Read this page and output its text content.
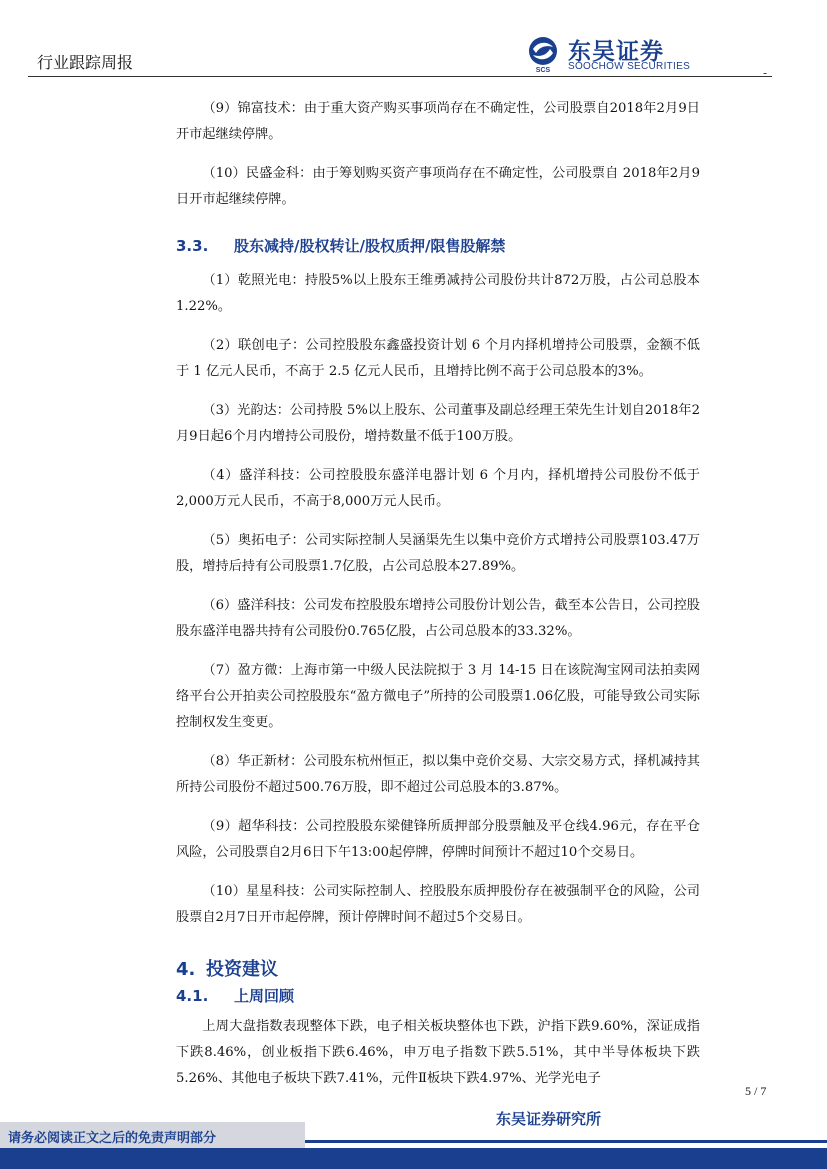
行业跟踪周报	SCS
东吴证券
SOOCHOW SECURITIES	-

（9）锦富技术：由于重大资产购买事项尚存在不确定性，公司股票自2018年2月9日开市起继续停牌。

（10）民盛金科：由于筹划购买资产事项尚存在不确定性，公司股票自 2018年2月9日开市起继续停牌。

3.3. 股东减持/股权转让/股权质押/限售股解禁

（1）乾照光电：持股5%以上股东王维勇减持公司股份共计872万股，占公司总股本1.22%。

（2）联创电子：公司控股股东鑫盛投资计划 6 个月内择机增持公司股票，金额不低于 1 亿元人民币，不高于 2.5 亿元人民币，且增持比例不高于公司总股本的3%。

（3）光韵达：公司持股 5%以上股东、公司董事及副总经理王荣先生计划自2018年2月9日起6个月内增持公司股份，增持数量不低于100万股。

（4）盛洋科技：公司控股股东盛洋电器计划 6 个月内，择机增持公司股份不低于2,000万元人民币，不高于8,000万元人民币。

（5）奥拓电子：公司实际控制人吴涵渠先生以集中竞价方式增持公司股票103.47万股，增持后持有公司股票1.7亿股，占公司总股本27.89%。

（6）盛洋科技：公司发布控股股东增持公司股份计划公告，截至本公告日，公司控股股东盛洋电器共持有公司股份0.765亿股，占公司总股本的33.32%。

（7）盈方微：上海市第一中级人民法院拟于 3 月 14-15 日在该院淘宝网司法拍卖网络平台公开拍卖公司控股股东“盈方微电子”所持的公司股票1.06亿股，可能导致公司实际控制权发生变更。

（8）华正新材：公司股东杭州恒正，拟以集中竞价交易、大宗交易方式，择机减持其所持公司股份不超过500.76万股，即不超过公司总股本的3.87%。

（9）超华科技：公司控股股东梁健锋所质押部分股票触及平仓线4.96元，存在平仓风险，公司股票自2月6日下午13:00起停牌，停牌时间预计不超过10个交易日。

（10）星星科技：公司实际控制人、控股股东质押股份存在被强制平仓的风险，公司股票自2月7日开市起停牌，预计停牌时间不超过5个交易日。

4. 投资建议
4.1. 上周回顾

上周大盘指数表现整体下跌，电子相关板块整体也下跌，沪指下跌9.60%，深证成指下跌8.46%，创业板指下跌6.46%，申万电子指数下跌5.51%，其中半导体板块下跌5.26%、其他电子板块下跌7.41%，元件Ⅱ板块下跌4.97%、光学光电子

5 / 7
东吴证券研究所
请务必阅读正文之后的免责声明部分
